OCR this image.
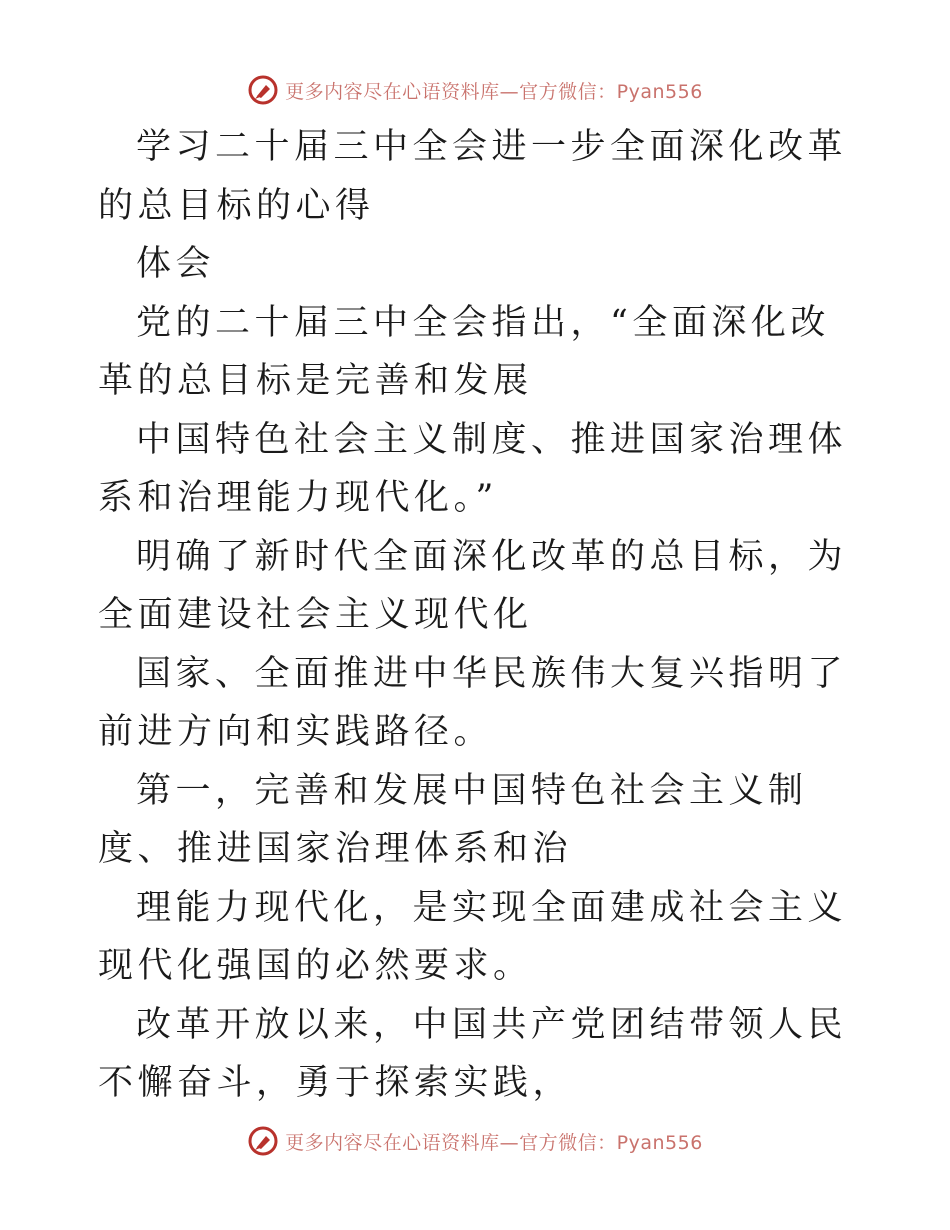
更多内容尽在心语资料库—官方微信：Pyan556

学习二十届三中全会进一步全面深化改革的总目标的心得

体会

党的二十届三中全会指出，“全面深化改革的总目标是完善和发展

中国特色社会主义制度、推进国家治理体系和治理能力现代化。”

明确了新时代全面深化改革的总目标，为全面建设社会主义现代化

国家、全面推进中华民族伟大复兴指明了前进方向和实践路径。

第一，完善和发展中国特色社会主义制度、推进国家治理体系和治

理能力现代化，是实现全面建成社会主义现代化强国的必然要求。

改革开放以来，中国共产党团结带领人民不懈奋斗，勇于探索实践，

更多内容尽在心语资料库—官方微信：Pyan556
